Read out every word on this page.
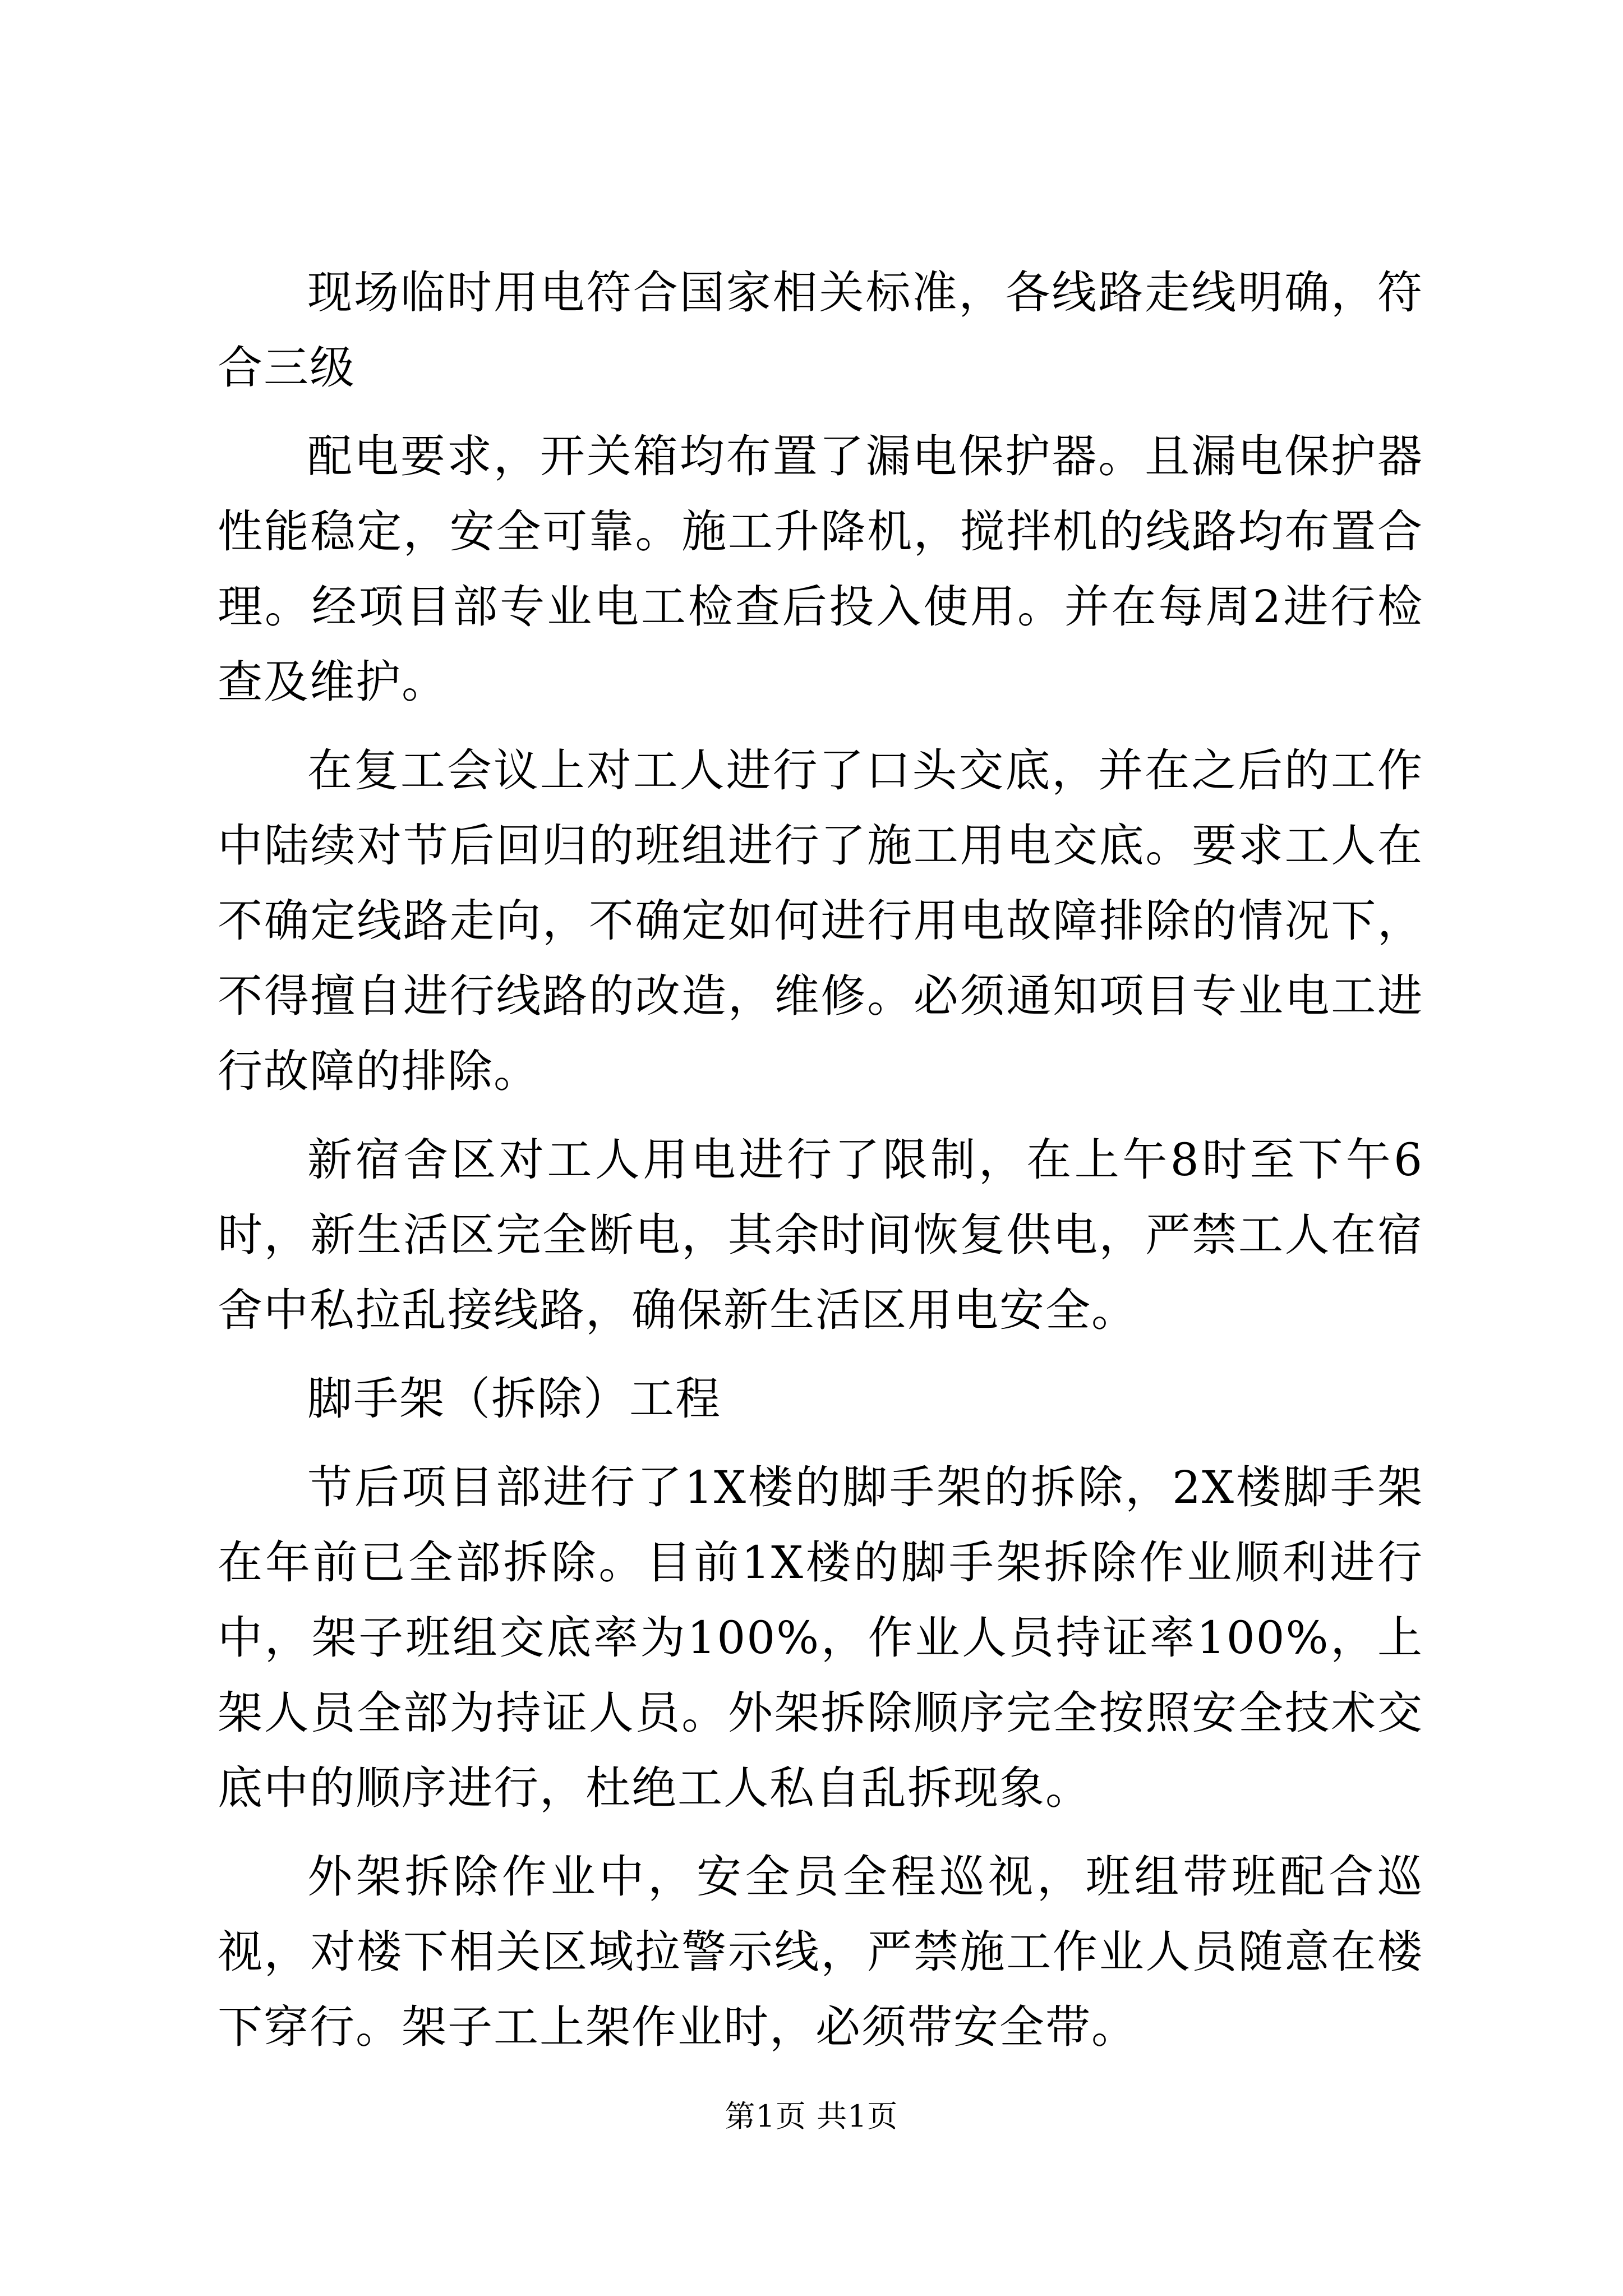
现场临时用电符合国家相关标准，各线路走线明确，符合三级

配电要求，开关箱均布置了漏电保护器。且漏电保护器性能稳定，安全可靠。施工升降机，搅拌机的线路均布置合理。经项目部专业电工检查后投入使用。并在每周2进行检查及维护。

在复工会议上对工人进行了口头交底，并在之后的工作中陆续对节后回归的班组进行了施工用电交底。要求工人在不确定线路走向，不确定如何进行用电故障排除的情况下，不得擅自进行线路的改造，维修。必须通知项目专业电工进行故障的排除。

新宿舍区对工人用电进行了限制，在上午8时至下午6时，新生活区完全断电，其余时间恢复供电，严禁工人在宿舍中私拉乱接线路，确保新生活区用电安全。

脚手架（拆除）工程

节后项目部进行了1X楼的脚手架的拆除，2X楼脚手架在年前已全部拆除。目前1X楼的脚手架拆除作业顺利进行中，架子班组交底率为100%，作业人员持证率100%，上架人员全部为持证人员。外架拆除顺序完全按照安全技术交底中的顺序进行，杜绝工人私自乱拆现象。

外架拆除作业中，安全员全程巡视，班组带班配合巡视，对楼下相关区域拉警示线，严禁施工作业人员随意在楼下穿行。架子工上架作业时，必须带安全带。

第1页 共1页
